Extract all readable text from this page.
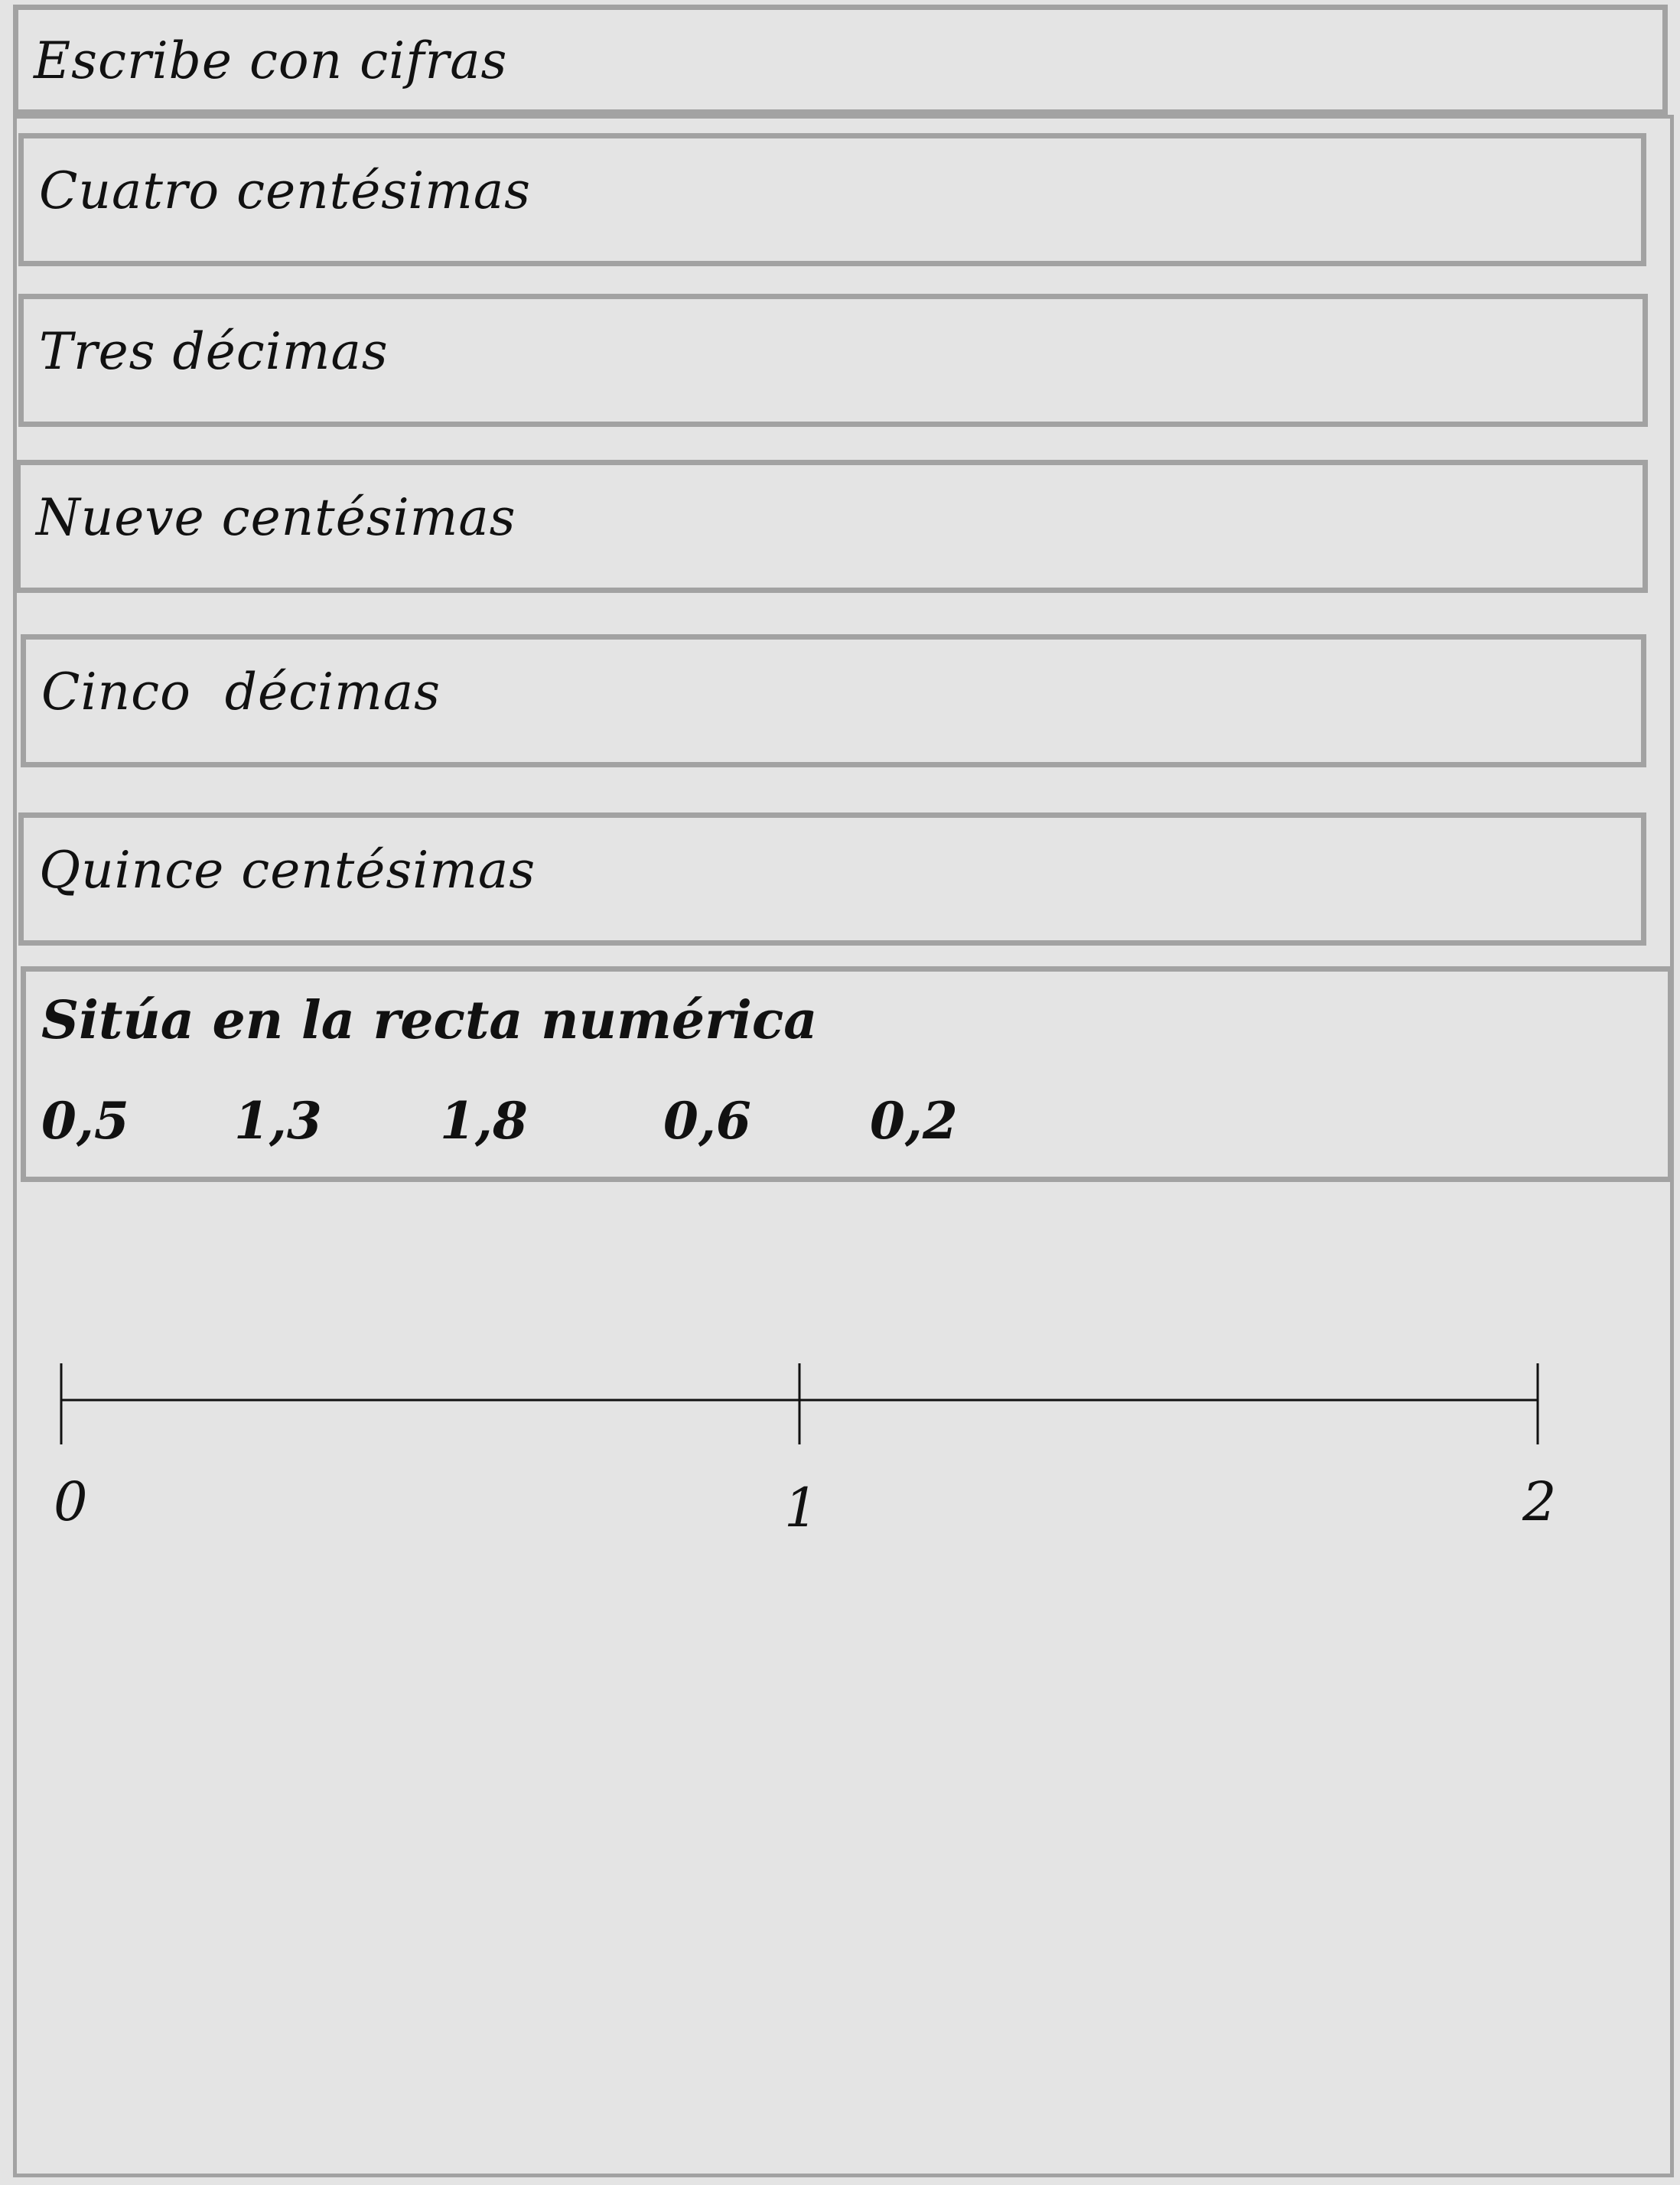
Escribe con cifras
Cuatro centésimas
Tres décimas
Nueve centésimas
Cinco  décimas
Quince centésimas
Sitúa en la recta numérica
0,5 1,3 1,8	0,6 0,2
0	1	2
